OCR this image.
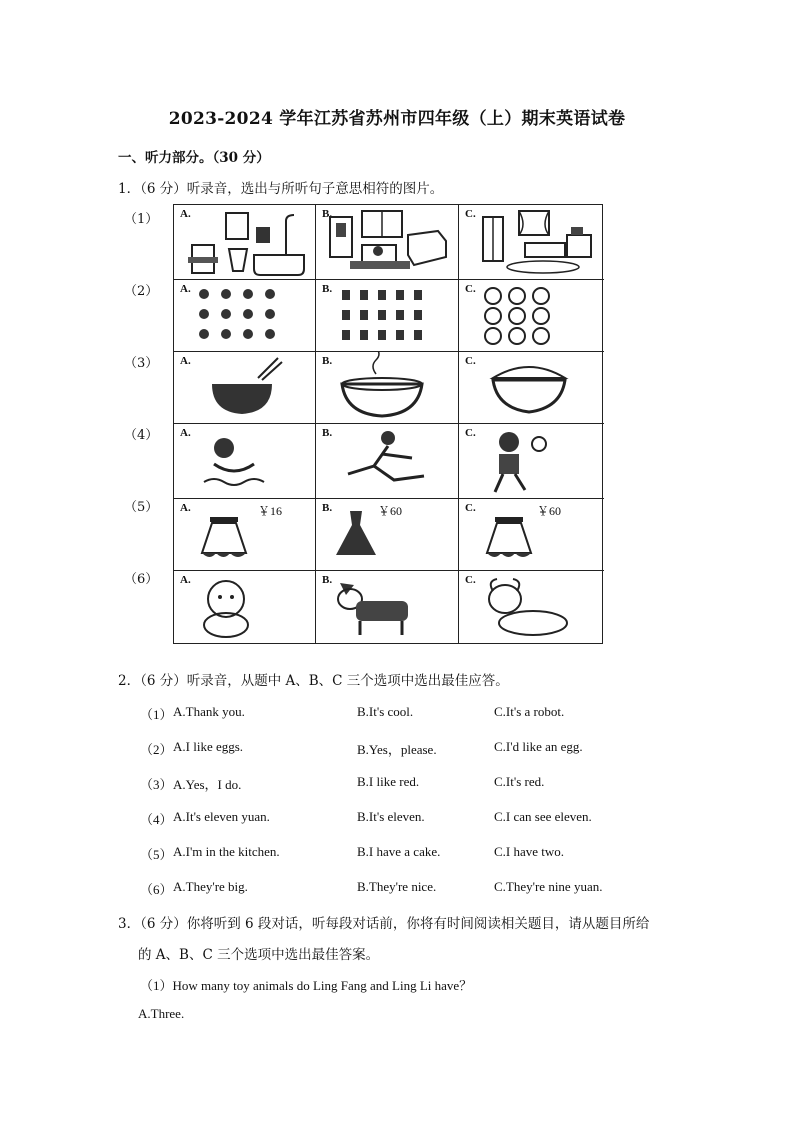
2023-2024 学年江苏省苏州市四年级（上）期末英语试卷
一、听力部分。（30 分）
1．（6 分）听录音，选出与所听句子意思相符的图片。
（1）
（2）
（3）
（4）
（5）
（6）
A.	B.	C.
A.	B.	C.
A.	B.	C.
A.	B.	C.
A.	￥16	B.	￥60	C.	￥60
A.	B.	C.
2．（6 分）听录音，从题中 A、B、C 三个选项中选出最佳应答。
（1） A.Thank you.	B.It's cool.	C.It's a robot.
（2） A.I like eggs.	B.Yes，please.	C.I'd like an egg.
（3） A.Yes，I do.	B.I like red.	C.It's red.
（4） A.It's eleven yuan.	B.It's eleven.	C.I can see eleven.
（5） A.I'm in the kitchen.	B.I have a cake.	C.I have two.
（6） A.They're big.	B.They're nice.	C.They're nine yuan.
3．（6 分）你将听到 6 段对话，听每段对话前，你将有时间阅读相关题目，请从题目所给
的 A、B、C 三个选项中选出最佳答案。
（1）How many toy animals do Ling Fang and Ling Li have？
A.Three.
